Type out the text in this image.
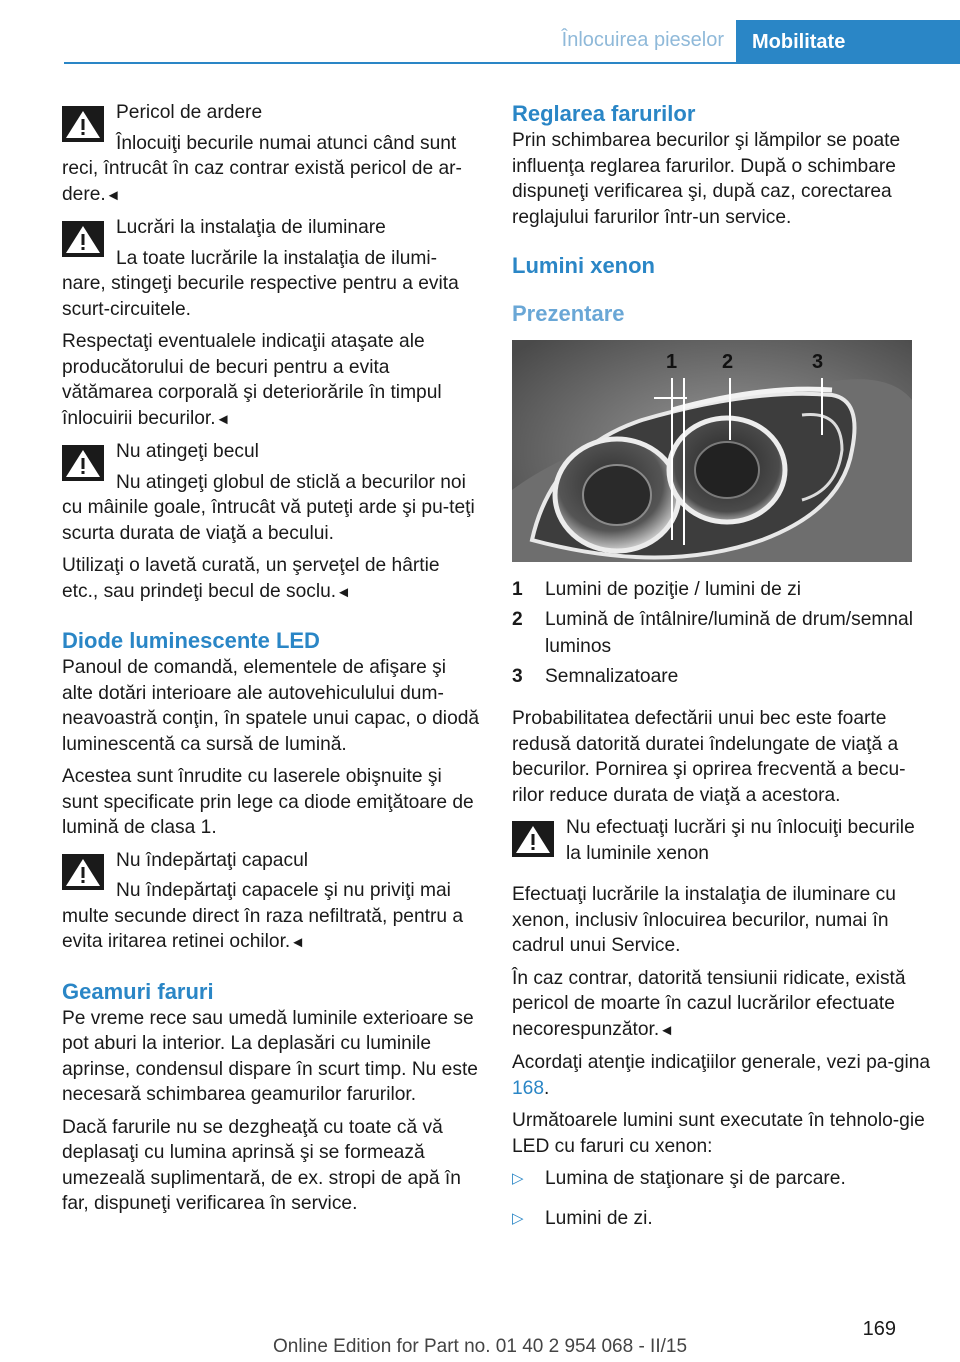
Înlocuirea pieselor Mobilitate

Pericol de ardere

Înlocuiţi becurile numai atunci când sunt reci, întrucât în caz contrar există pericol de ar-dere.◄

Lucrări la instalaţia de iluminare

La toate lucrările la instalaţia de ilumi-nare, stingeţi becurile respective pentru a evita scurt-circuitele.

Respectaţi eventualele indicaţii ataşate ale producătorului de becuri pentru a evita vătămarea corporală şi deteriorările în timpul înlocuirii becurilor.◄

Nu atingeţi becul

Nu atingeţi globul de sticlă a becurilor noi cu mâinile goale, întrucât vă puteţi arde şi pu-teţi scurta durata de viaţă a becului.

Utilizaţi o lavetă curată, un şerveţel de hârtie etc., sau prindeţi becul de soclu.◄

Diode luminescente LED

Panoul de comandă, elementele de afişare şi alte dotări interioare ale autovehiculului dum-neavoastră conţin, în spatele unui capac, o diodă luminescentă ca sursă de lumină.

Acestea sunt înrudite cu laserele obişnuite şi sunt specificate prin lege ca diode emiţătoare de lumină de clasa 1.

Nu îndepărtaţi capacul

Nu îndepărtaţi capacele şi nu priviţi mai multe secunde direct în raza nefiltrată, pentru a evita iritarea retinei ochilor.◄

Geamuri faruri

Pe vreme rece sau umedă luminile exterioare se pot aburi la interior. La deplasări cu luminile aprinse, condensul dispare în scurt timp. Nu este necesară schimbarea geamurilor farurilor.

Dacă farurile nu se dezgheaţă cu toate că vă deplasaţi cu lumina aprinsă şi se formează umezeală suplimentară, de ex. stropi de apă în far, dispuneţi verificarea în service.

Reglarea farurilor

Prin schimbarea becurilor şi lămpilor se poate influenţa reglarea farurilor. După o schimbare dispuneţi verificarea şi, după caz, corectarea reglajului farurilor într-un service.

Lumini xenon
Prezentare
1 2	3
1	Lumini de poziţie / lumini de zi
2	Lumină de întâlnire/lumină de drum/semnal luminos
3	Semnalizatoare

Probabilitatea defectării unui bec este foarte redusă datorită duratei îndelungate de viaţă a becurilor. Pornirea şi oprirea frecventă a becu-rilor reduce durata de viaţă a acestora.

Nu efectuaţi lucrări şi nu înlocuiţi becurile la luminile xenon

Efectuaţi lucrările la instalaţia de iluminare cu xenon, inclusiv înlocuirea becurilor, numai în cadrul unui Service.

În caz contrar, datorită tensiunii ridicate, există pericol de moarte în cazul lucrărilor efectuate necorespunzător.◄

Acordaţi atenţie indicaţiilor generale, vezi pa-gina 168.

Următoarele lumini sunt executate în tehnolo-gie LED cu faruri cu xenon:

▷	Lumina de staţionare şi de parcare.
▷	Lumini de zi.
169
Online Edition for Part no. 01 40 2 954 068 - II/15
